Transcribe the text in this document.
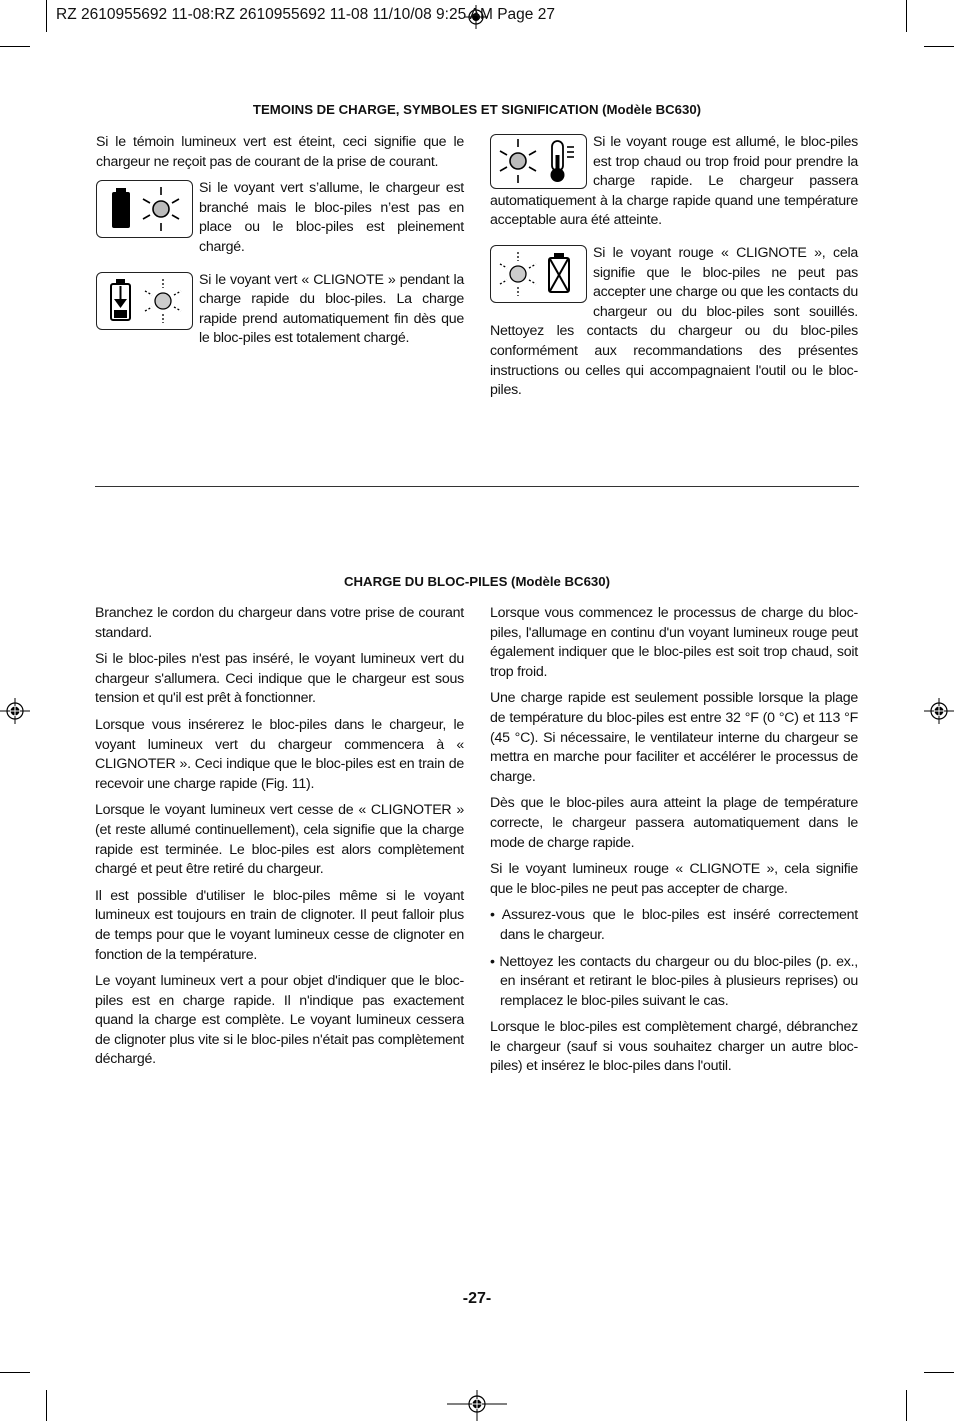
RZ 2610955692 11-08:RZ 2610955692 11-08 11/10/08 9:25 AM Page 27
TEMOINS DE CHARGE, SYMBOLES ET SIGNIFICATION (Modèle BC630)

Si le témoin lumineux vert est éteint, ceci signifie que le chargeur ne reçoit pas de courant de la prise de courant.

Si le voyant vert s’allume, le chargeur est branché mais le bloc-piles n’est pas en place ou le bloc-piles est pleinement chargé.

Si le voyant vert « CLIGNOTE » pendant la charge rapide du bloc-piles. La charge rapide prend automatiquement fin dès que le bloc-piles est totalement chargé.

Si le voyant rouge est allumé, le bloc-piles est trop chaud ou trop froid pour prendre la charge rapide. Le chargeur passera automatiquement à la charge rapide quand une température acceptable aura été atteinte.

Si le voyant rouge « CLIGNOTE », cela signifie que le bloc-piles ne peut pas accepter une charge ou que les contacts du chargeur ou du bloc-piles sont souillés. Nettoyez les contacts du chargeur ou du bloc-piles conformément aux recommandations des présentes instructions ou celles qui accompagnaient l'outil ou le bloc-piles.

CHARGE DU BLOC-PILES (Modèle BC630)

Branchez le cordon du chargeur dans votre prise de courant standard.

Si le bloc-piles n'est pas inséré, le voyant lumineux vert du chargeur s'allumera. Ceci indique que le chargeur est sous tension et qu'il est prêt à fonctionner.

Lorsque vous insérerez le bloc-piles dans le chargeur, le voyant lumineux vert du chargeur commencera à « CLIGNOTER ». Ceci indique que le bloc-piles est en train de recevoir une charge rapide (Fig. 11).

Lorsque le voyant lumineux vert cesse de « CLIGNOTER » (et reste allumé continuellement), cela signifie que la charge rapide est terminée. Le bloc-piles est alors complètement chargé et peut être retiré du chargeur.

Il est possible d'utiliser le bloc-piles même si le voyant lumineux est toujours en train de clignoter. Il peut falloir plus de temps pour que le voyant lumineux cesse de clignoter en fonction de la température.

Le voyant lumineux vert a pour objet d'indiquer que le bloc-piles est en charge rapide. Il n'indique pas exactement quand la charge est complète. Le voyant lumineux cessera de clignoter plus vite si le bloc-piles n'était pas complètement déchargé.

Lorsque vous commencez le processus de charge du bloc-piles, l'allumage en continu d'un voyant lumineux rouge peut également indiquer que le bloc-piles est soit trop chaud, soit trop froid.

Une charge rapide est seulement possible lorsque la plage de température du bloc-piles est entre 32 °F (0 °C) et 113 °F (45 °C). Si nécessaire, le ventilateur interne du chargeur se mettra en marche pour faciliter et accélérer le processus de charge.

Dès que le bloc-piles aura atteint la plage de température correcte, le chargeur passera automatiquement dans le mode de charge rapide.

Si le voyant lumineux rouge « CLIGNOTE », cela signifie que le bloc-piles ne peut pas accepter de charge.

• Assurez-vous que le bloc-piles est inséré correctement dans le chargeur.

• Nettoyez les contacts du chargeur ou du bloc-piles (p. ex., en insérant et retirant le bloc-piles à plusieurs reprises) ou remplacez le bloc-piles suivant le cas.

Lorsque le bloc-piles est complètement chargé, débranchez le chargeur (sauf si vous souhaitez charger un autre bloc-piles) et insérez le bloc-piles dans l'outil.

-27-
